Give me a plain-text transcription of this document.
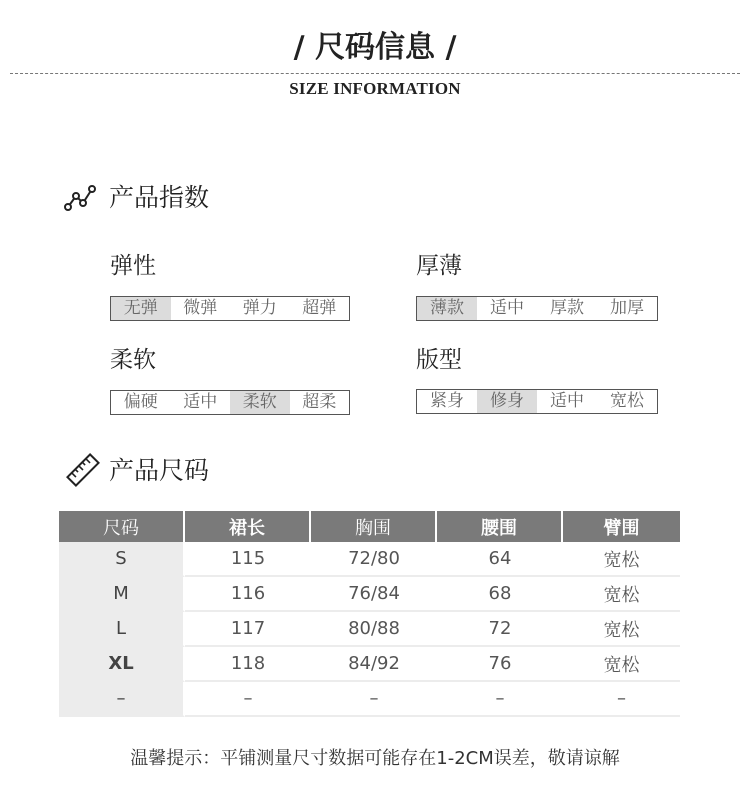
/ 尺码信息 /
SIZE INFORMATION
产品指数
弹性
无弹	微弹	弹力	超弹
厚薄
薄款	适中	厚款	加厚
柔软
偏硬	适中	柔软	超柔
版型
紧身	修身	适中	宽松
产品尺码
尺码	裙长	胸围	腰围	臂围
S	115	72/80	64	宽松
M	116	76/84	68	宽松
L	117	80/88	72	宽松
XL	118	84/92	76	宽松
–	–	–	–	–
温馨提示：平铺测量尺寸数据可能存在1-2CM误差，敬请谅解
